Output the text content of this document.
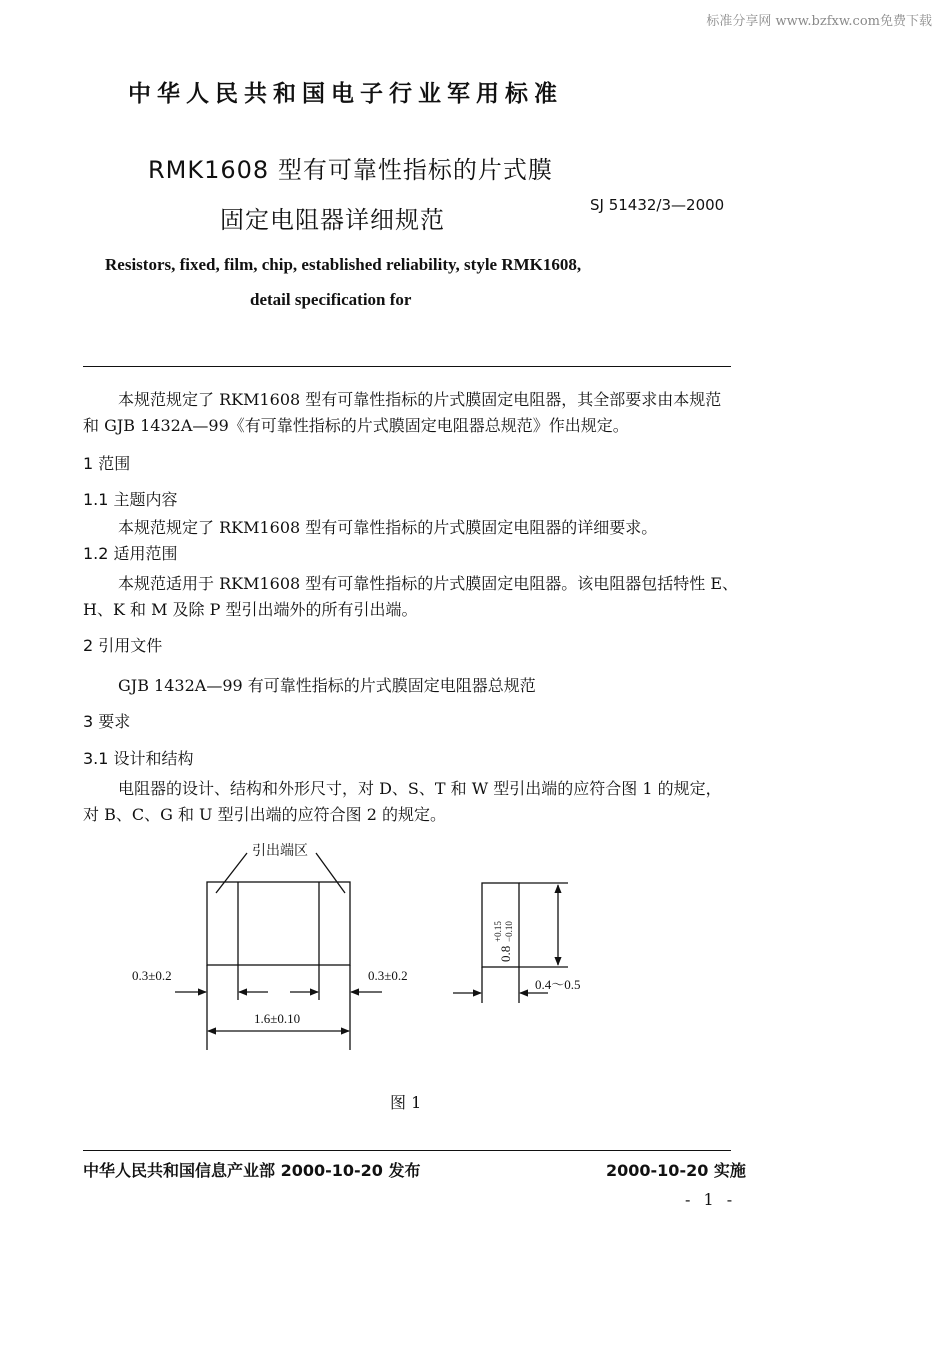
标准分享网 www.bzfxw.com免费下载
中华人民共和国电子行业军用标准
RMK1608 型有可靠性指标的片式膜
固定电阻器详细规范
SJ 51432/3—2000
Resistors, fixed, film, chip, established reliability, style RMK1608,
detail specification for
本规范规定了 RKM1608 型有可靠性指标的片式膜固定电阻器，其全部要求由本规范
和 GJB 1432A—99《有可靠性指标的片式膜固定电阻器总规范》作出规定。
1 范围
1.1 主题内容
本规范规定了 RKM1608 型有可靠性指标的片式膜固定电阻器的详细要求。
1.2 适用范围
本规范适用于 RKM1608 型有可靠性指标的片式膜固定电阻器。该电阻器包括特性 E、
H、K 和 M 及除 P 型引出端外的所有引出端。
2 引用文件
GJB 1432A—99 有可靠性指标的片式膜固定电阻器总规范
3 要求
3.1 设计和结构
电阻器的设计、结构和外形尺寸，对 D、S、T 和 W 型引出端的应符合图 1 的规定，
对 B、C、G 和 U 型引出端的应符合图 2 的规定。
引出端区
0.3±0.2	0.3±0.2
1.6±0.10
0.4～0.5
0.8
+0.15 −0.10
图 1
中华人民共和国信息产业部 2000-10-20 发布	2000-10-20 实施
- 1 -
